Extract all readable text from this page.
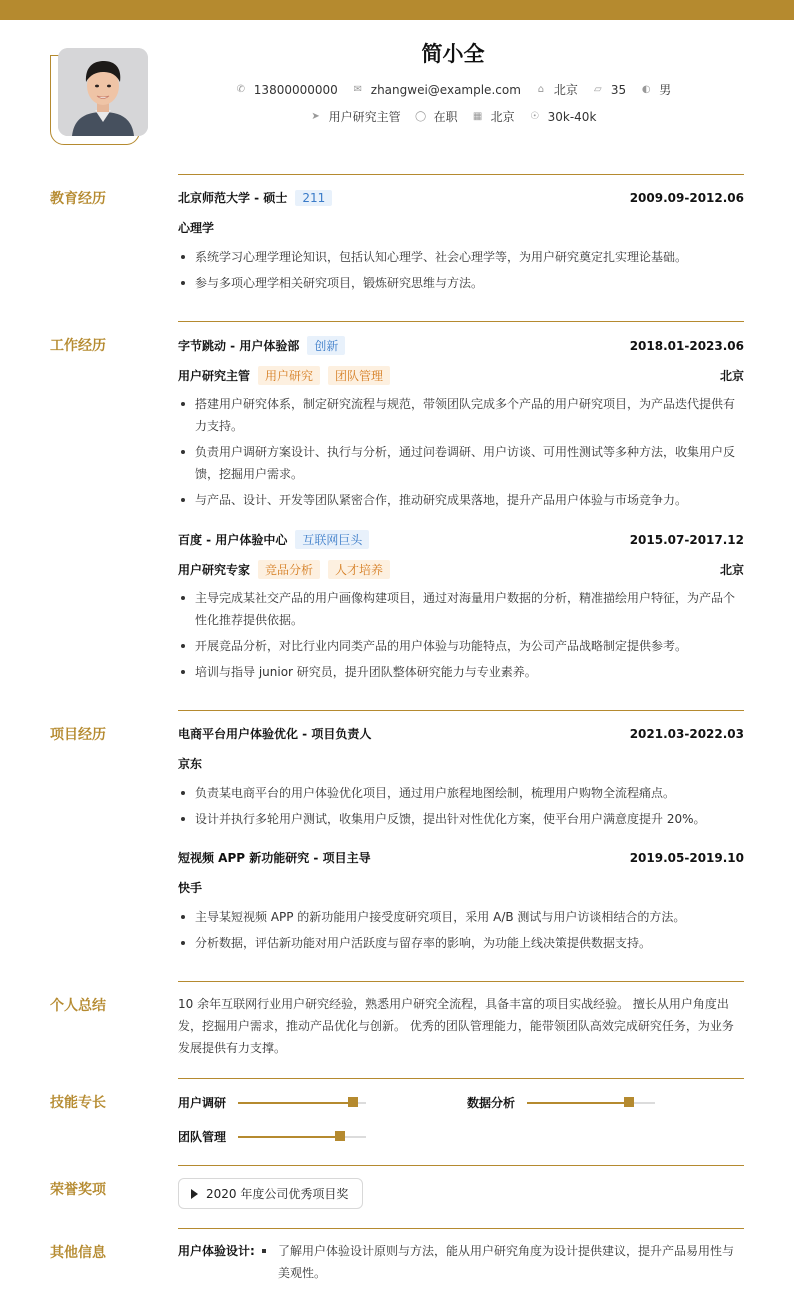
简小全
✆ 13800000000 ✉ zhangwei@example.com ⌂ 北京 ▱ 35 ◐ 男
➤ 用户研究主管 ◯ 在职 ▦ 北京 ☉ 30k-40k
教育经历	北京师范大学 - 硕士	211	2009.09-2012.06
心理学
系统学习心理学理论知识，包括认知心理学、社会心理学等，为用户研究奠定扎实理论基础。
参与多项心理学相关研究项目，锻炼研究思维与方法。
工作经历	字节跳动 - 用户体验部	创新	2018.01-2023.06
用户研究主管	用户研究	团队管理	北京
搭建用户研究体系，制定研究流程与规范，带领团队完成多个产品的用户研究项目，为产品迭代提供有力支持。
负责用户调研方案设计、执行与分析，通过问卷调研、用户访谈、可用性测试等多种方法，收集用户反馈，挖掘用户需求。
与产品、设计、开发等团队紧密合作，推动研究成果落地，提升产品用户体验与市场竞争力。
百度 - 用户体验中心	互联网巨头	2015.07-2017.12
用户研究专家	竞品分析	人才培养	北京
主导完成某社交产品的用户画像构建项目，通过对海量用户数据的分析，精准描绘用户特征，为产品个性化推荐提供依据。
开展竞品分析，对比行业内同类产品的用户体验与功能特点，为公司产品战略制定提供参考。
培训与指导 junior 研究员，提升团队整体研究能力与专业素养。
项目经历	电商平台用户体验优化 - 项目负责人	2021.03-2022.03
京东
负责某电商平台的用户体验优化项目，通过用户旅程地图绘制，梳理用户购物全流程痛点。
设计并执行多轮用户测试，收集用户反馈，提出针对性优化方案，使平台用户满意度提升 20%。
短视频 APP 新功能研究 - 项目主导	2019.05-2019.10
快手
主导某短视频 APP 的新功能用户接受度研究项目，采用 A/B 测试与用户访谈相结合的方法。
分析数据，评估新功能对用户活跃度与留存率的影响，为功能上线决策提供数据支持。
个人总结	10 余年互联网行业用户研究经验，熟悉用户研究全流程，具备丰富的项目实战经验。 擅长从用户角度出发，挖掘用户需求，推动产品优化与创新。 优秀的团队管理能力，能带领团队高效完成研究任务，为业务发展提供有力支撑。
技能专长	用户调研	数据分析
团队管理
荣誉奖项	2020 年度公司优秀项目奖
其他信息	用户体验设计:	了解用户体验设计原则与方法，能从用户研究角度为设计提供建议，提升产品易用性与美观性。
